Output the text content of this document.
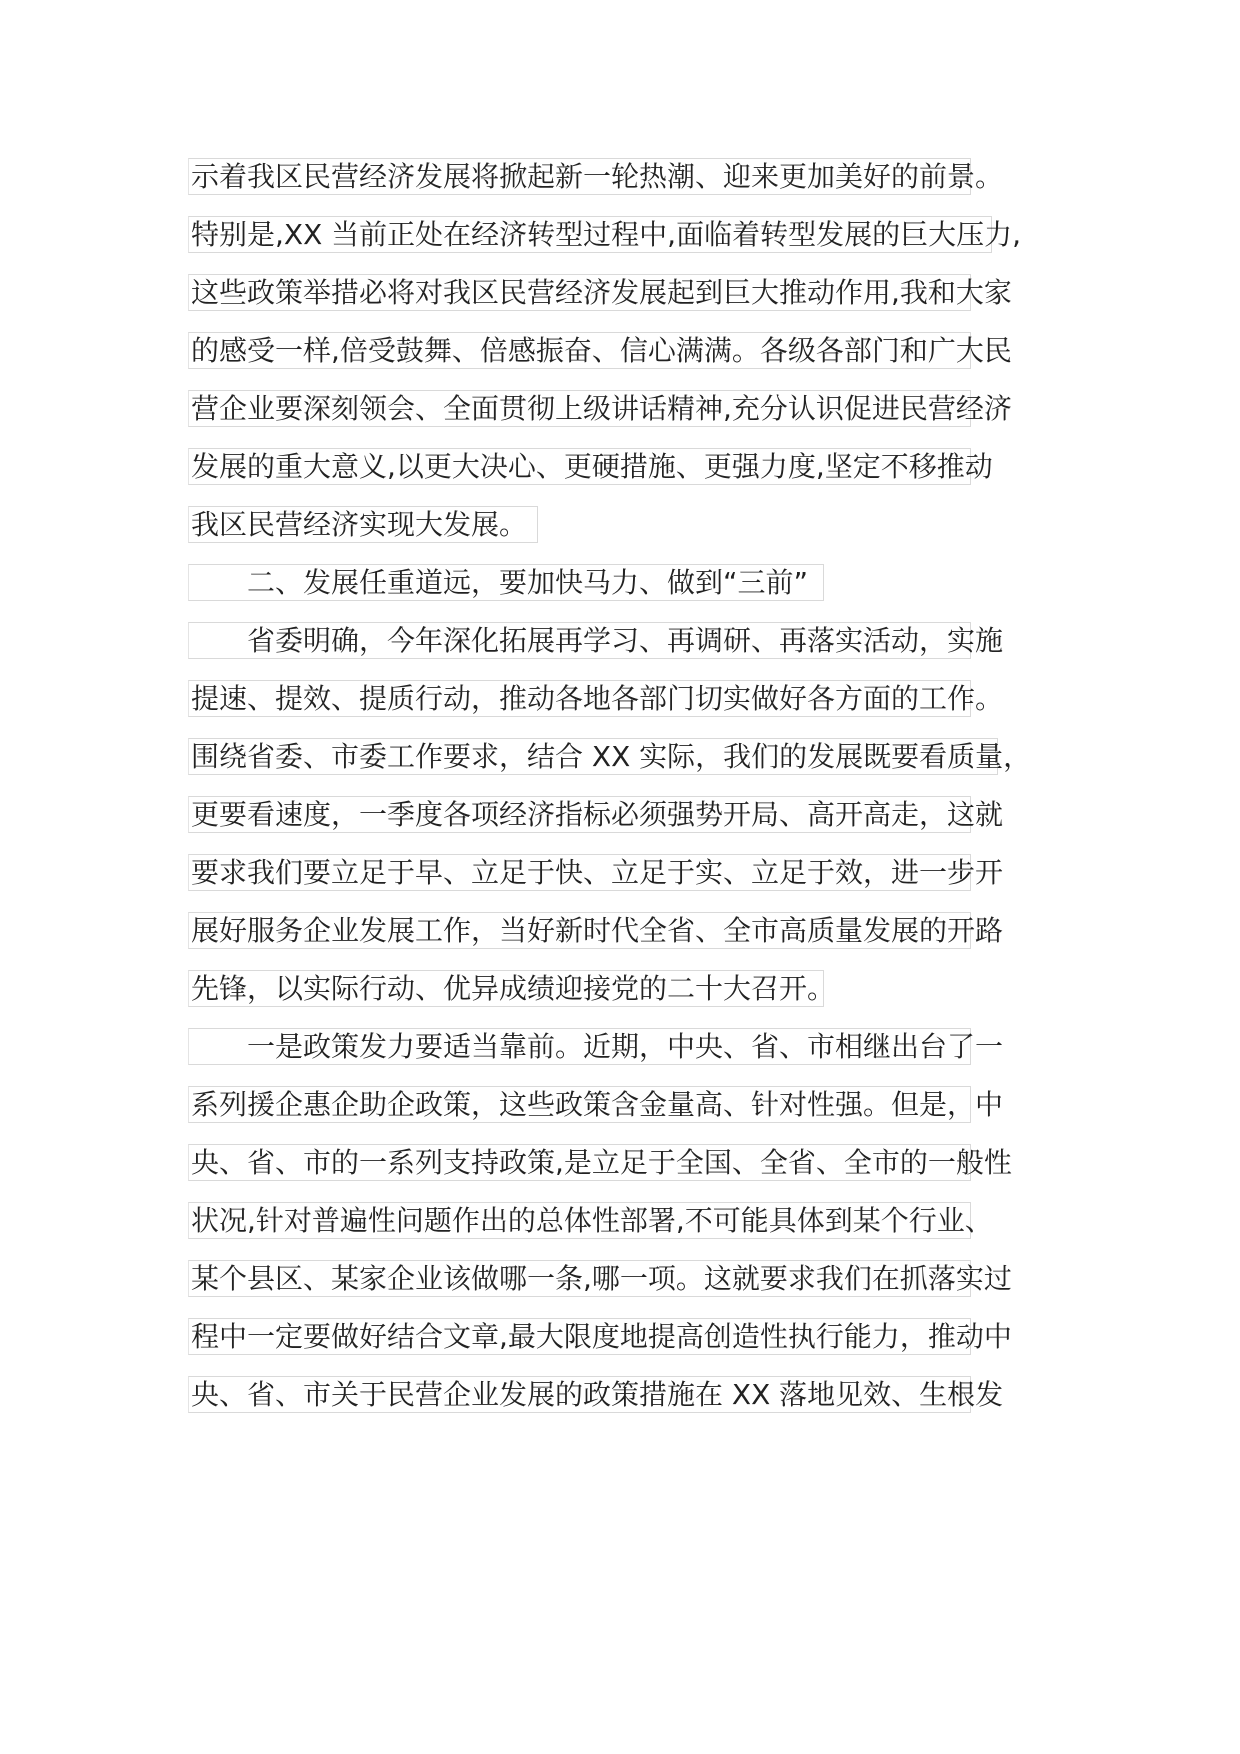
示着我区民营经济发展将掀起新一轮热潮、迎来更加美好的前景。
特别是,XX 当前正处在经济转型过程中,面临着转型发展的巨大压力,
这些政策举措必将对我区民营经济发展起到巨大推动作用,我和大家
的感受一样,倍受鼓舞、倍感振奋、信心满满。各级各部门和广大民
营企业要深刻领会、全面贯彻上级讲话精神,充分认识促进民营经济
发展的重大意义,以更大决心、更硬措施、更强力度,坚定不移推动
我区民营经济实现大发展。
　　二、发展任重道远，要加快马力、做到“三前”
　　省委明确，今年深化拓展再学习、再调研、再落实活动，实施
提速、提效、提质行动，推动各地各部门切实做好各方面的工作。
围绕省委、市委工作要求，结合 XX 实际，我们的发展既要看质量，
更要看速度，一季度各项经济指标必须强势开局、高开高走，这就
要求我们要立足于早、立足于快、立足于实、立足于效，进一步开
展好服务企业发展工作，当好新时代全省、全市高质量发展的开路
先锋，以实际行动、优异成绩迎接党的二十大召开。
　　一是政策发力要适当靠前。近期，中央、省、市相继出台了一
系列援企惠企助企政策，这些政策含金量高、针对性强。但是，中
央、省、市的一系列支持政策,是立足于全国、全省、全市的一般性
状况,针对普遍性问题作出的总体性部署,不可能具体到某个行业、
某个县区、某家企业该做哪一条,哪一项。这就要求我们在抓落实过
程中一定要做好结合文章,最大限度地提高创造性执行能力，推动中
央、省、市关于民营企业发展的政策措施在 XX 落地见效、生根发
